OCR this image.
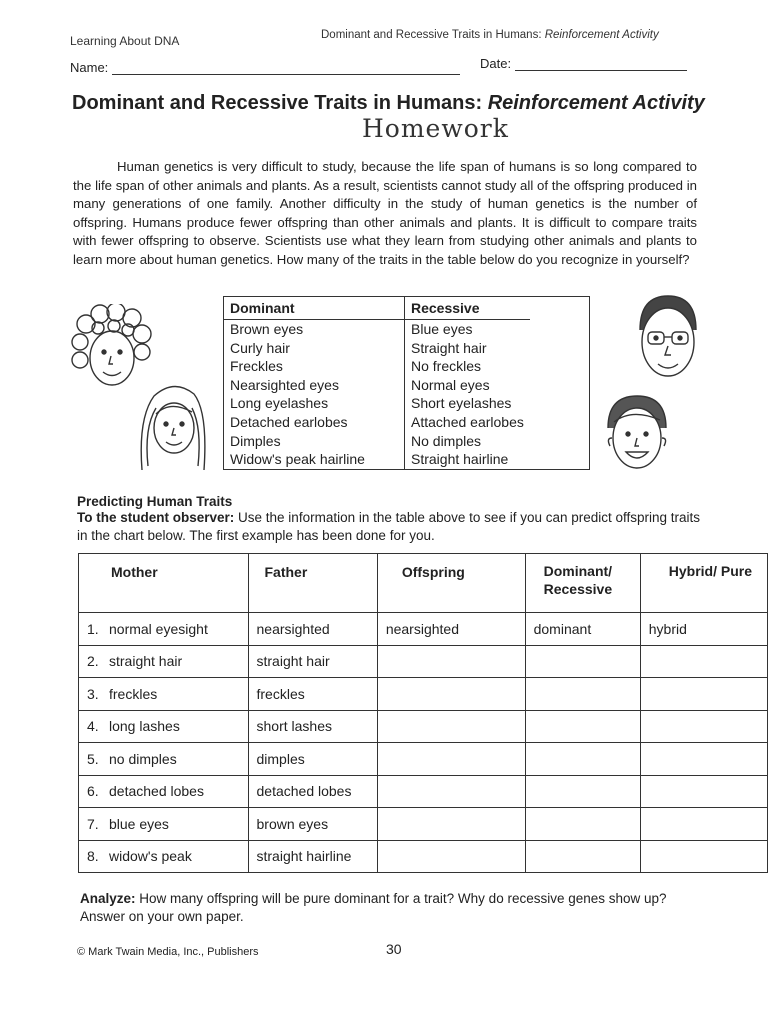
Learning About DNA	Dominant and Recessive Traits in Humans: Reinforcement Activity
Name:	Date:
Dominant and Recessive Traits in Humans: Reinforcement Activity
Homework
Human genetics is very difficult to study, because the life span of humans is so long compared to the life span of other animals and plants. As a result, scientists cannot study all of the offspring produced in many generations of one family. Another difficulty in the study of human genetics is the number of offspring. Humans produce fewer offspring than other animals and plants. It is difficult to compare traits with fewer offspring to observe. Scientists use what they learn from studying other animals and plants to learn more about human genetics. How many of the traits in the table below do you recognize in yourself?
Dominant	Recessive
Brown eyes	Blue eyes
Curly hair	Straight hair
Freckles	No freckles
Nearsighted eyes	Normal eyes
Long eyelashes	Short eyelashes
Detached earlobes	Attached earlobes
Dimples	No dimples
Widow's peak hairline	Straight hairline
Predicting Human Traits
To the student observer: Use the information in the table above to see if you can predict offspring traits in the chart below. The first example has been done for you.
Mother	Father	Offspring	Dominant/ Recessive	Hybrid/ Pure
1. normal eyesight	nearsighted	nearsighted	dominant	hybrid
2. straight hair	straight hair			
3. freckles	freckles			
4. long lashes	short lashes			
5. no dimples	dimples			
6. detached lobes	detached lobes			
7. blue eyes	brown eyes			
8. widow's peak	straight hairline			
Analyze: How many offspring will be pure dominant for a trait? Why do recessive genes show up? Answer on your own paper.
© Mark Twain Media, Inc., Publishers	30
